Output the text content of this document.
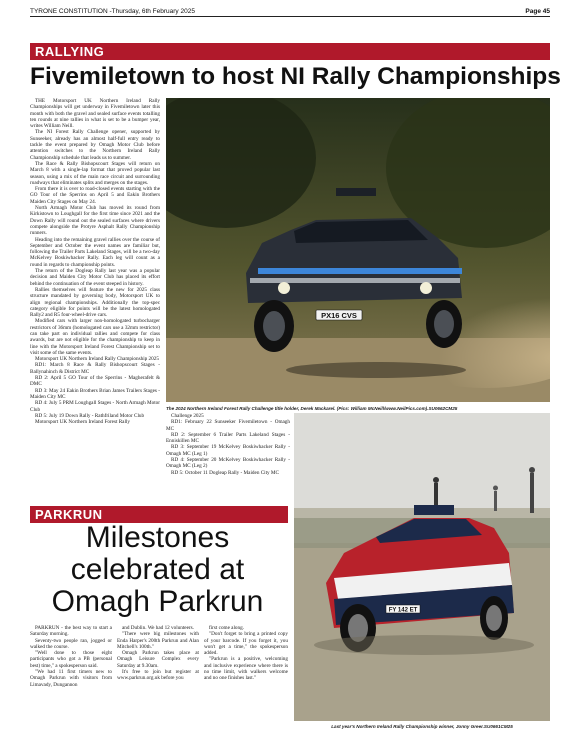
TYRONE CONSTITUTION -Thursday, 6th February 2025	Page 45
RALLYING
Fivemiletown to host NI Rally Championships

THE Motorsport UK Northern Ireland Rally Championships will get underway in Fivemiletown later this month with both the gravel and sealed surface events totalling ten rounds at nine rallies in what is set to be a bumper year, writes William Neill.

The NI Forest Rally Challenge opener, supported by Sunseeker, already has an almost half-full entry ready to tackle the event prepared by Omagh Motor Club before attention switches to the Northern Ireland Rally Championship schedule that leads us to summer.

The Race & Rally Bishopscourt Stages will return on March 8 with a single-lap format that proved popular last season, using a mix of the main race circuit and surrounding roadways that eliminates splits and merges on the stages.

From there it is over to road-closed events starting with the GO Tour of the Sperrins on April 5 and Eakin Brothers Maiden City Stages on May 24.

North Armagh Motor Club has moved its round from Kirkistown to Loughgall for the first time since 2021 and the Down Rally will round out the sealed surfaces where drivers compete alongside the Protyre Asphalt Rally Championship runners.

Heading into the remaining gravel rallies over the course of September and October the event names are familiar but, following the Trailer Parts Lakeland Stages, will be a two-day McKelvey Boskiwhacker Rally. Each leg will count as a round in regards to championship points.

The return of the Dogleap Rally last year was a popular decision and Maiden City Motor Club has placed its effort behind the continuation of the event steeped in history.

Rallies themselves will feature the new for 2025 class structure mandated by governing body, Motorsport UK to align regional championships. Additionally the top-spec category eligible for points will be the latest homologated Rally2 and R5 four-wheel-drive cars.

Modified cars with larger non-homologated turbocharger restrictors of 36mm (homologated cars use a 32mm restrictor) can take part on individual rallies and compete for class awards, but are not eligible for the championship to keep in line with the Motorsport Ireland Forest Championship set to visit some of the same events.

Motorsport UK Northern Ireland Rally Championship 2025

RD1: March 8 Race & Rally Bishopscourt Stages - Ballynahinch & District MC

RD 2: April 5 GO Tour of the Sperrins - Magherafelt & DMC

RD 3: May 24 Eakin Brothers Brian James Trailers Stages - Maiden City MC

RD 4: July 5 PRM Loughgall Stages - North Armagh Motor Club

RD 5: July 19 Down Rally - Rathfriland Motor Club

Motorsport UK Northern Ireland Forest Rally

PX16 CVS
The 2024 Northern Ireland Forest Rally Challenge title holder, Derek Mackarel. (Pics: William McNeill/www.NeilPics.com).SU0662CM25

Challenge 2025

RD1: February 22 Sunseeker Fivemiletown - Omagh MC

RD 2: September 6 Trailer Parts Lakeland Stages - Enniskillen MC

RD 3: September 19 McKelvey Boskiwhacker Rally - Omagh MC (Leg 1)

RD 4: September 20 McKelvey Boskiwhacker Rally - Omagh MC (Leg 2)

RD 5: October 11 Dogleap Rally - Maiden City MC

FY 142 ET
Last year's Northern Ireland Rally Championship winner, Jonny Greer.SU0661CM25
PARKRUN
Milestones celebrated at Omagh Parkrun

PARKRUN - the best way to start a Saturday morning.

Seventy-two people ran, jogged or walked the course.

"Well done to those eight participants who got a PB (personal best) time," a spokesperson said.

"We had 11 first timers new to Omagh Parkrun with visitors from Limavady, Dungannon

and Dublin. We had 12 volunteers.

"There were big milestones with Enda Harper's 200th Parkrun and Alan Mitchell's 100th."

Omagh Parkrun takes place at Omagh Leisure Complex every Saturday at 9.30am.

It's free to join but register at www.parkrun.org.uk before you

first come along.

"Don't forget to bring a printed copy of your barcode. If you forget it, you won't get a time," the spokesperson added.

"Parkrun is a positive, welcoming and inclusive experience where there is no time limit, with walkers welcome and no one finishes last."
